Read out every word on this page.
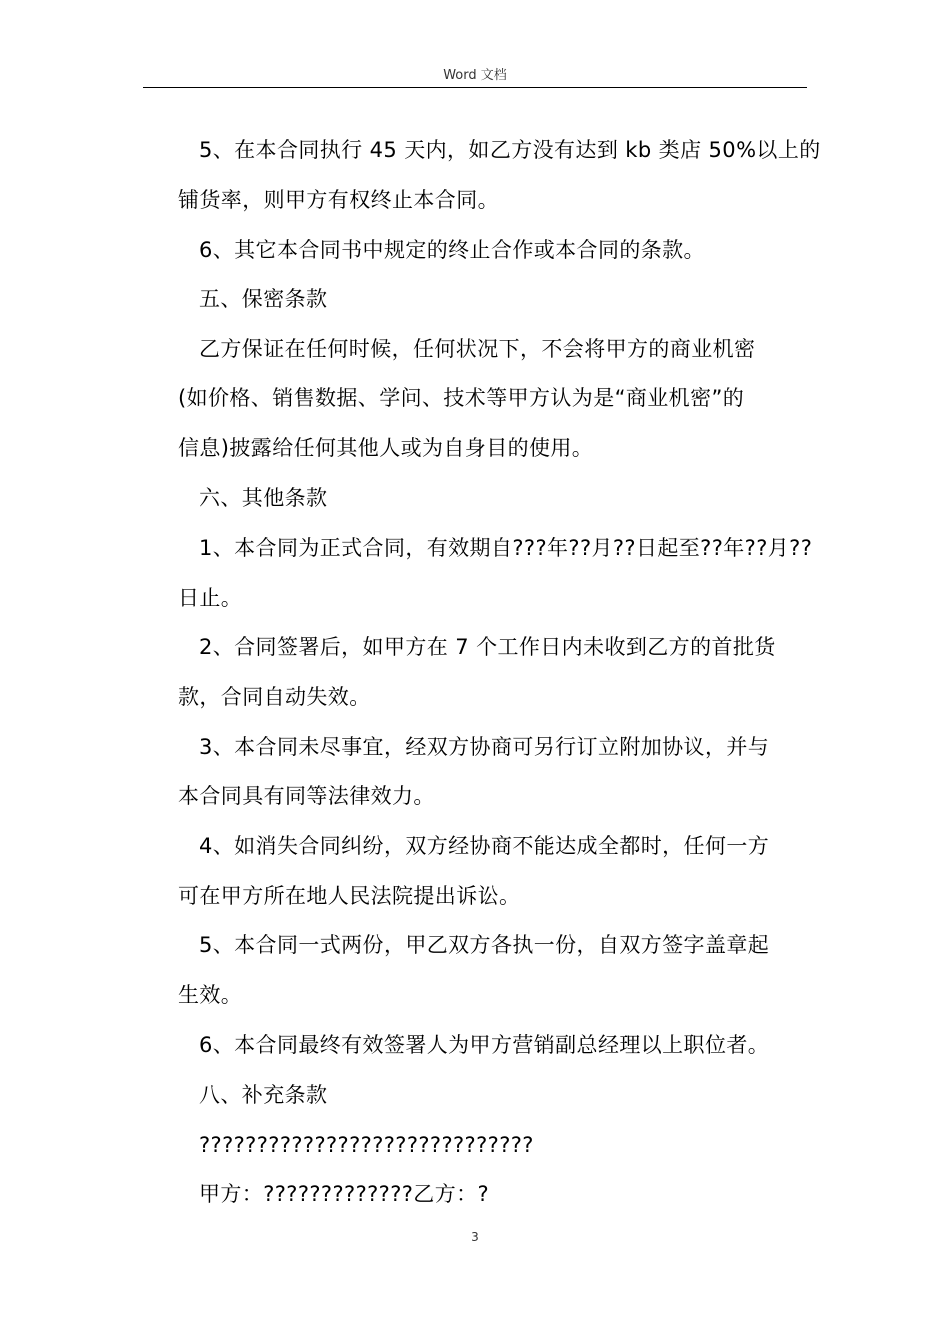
Word 文档
5、在本合同执行 45 天内，如乙方没有达到 kb 类店 50%以上的
铺货率，则甲方有权终止本合同。
6、其它本合同书中规定的终止合作或本合同的条款。
五、保密条款
乙方保证在任何时候，任何状况下，不会将甲方的商业机密
(如价格、销售数据、学问、技术等甲方认为是“商业机密”的
信息)披露给任何其他人或为自身目的使用。
六、其他条款
1、本合同为正式合同，有效期自???年??月??日起至??年??月??
日止。
2、合同签署后，如甲方在 7 个工作日内未收到乙方的首批货
款，合同自动失效。
3、本合同未尽事宜，经双方协商可另行订立附加协议，并与
本合同具有同等法律效力。
4、如消失合同纠纷，双方经协商不能达成全都时，任何一方
可在甲方所在地人民法院提出诉讼。
5、本合同一式两份，甲乙双方各执一份，自双方签字盖章起
生效。
6、本合同最终有效签署人为甲方营销副总经理以上职位者。
八、补充条款
?????????????????????????????
甲方：?????????????乙方：?
3
